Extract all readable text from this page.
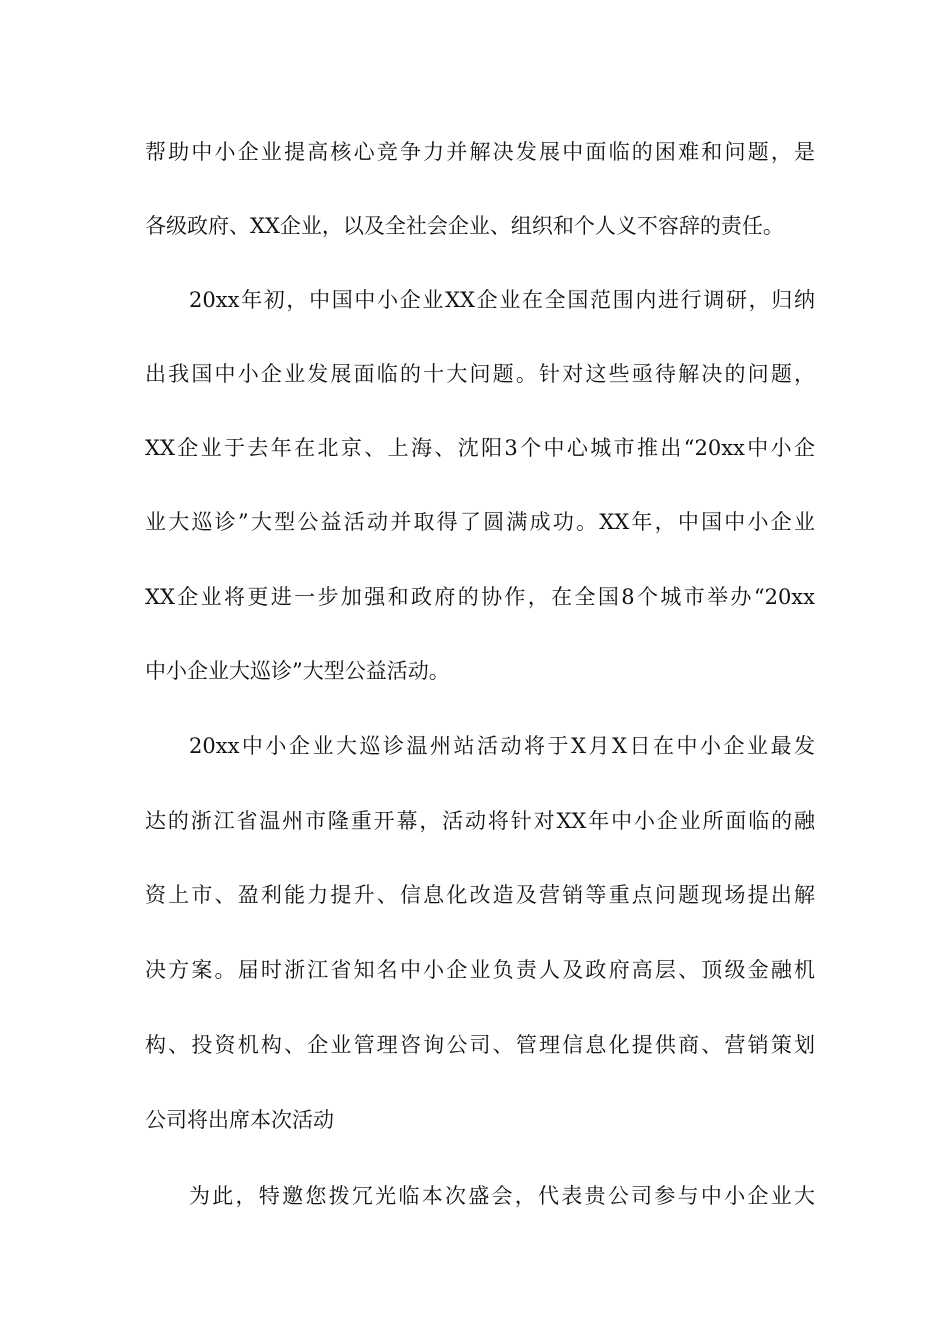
帮助中小企业提高核心竞争力并解决发展中面临的困难和问题，是
各级政府、XX企业，以及全社会企业、组织和个人义不容辞的责任。
20xx年初，中国中小企业XX企业在全国范围内进行调研，归纳
出我国中小企业发展面临的十大问题。针对这些亟待解决的问题，
XX企业于去年在北京、上海、沈阳3个中心城市推出“20xx中小企
业大巡诊”大型公益活动并取得了圆满成功。XX年，中国中小企业
XX企业将更进一步加强和政府的协作，在全国8个城市举办“20xx
中小企业大巡诊”大型公益活动。
20xx中小企业大巡诊温州站活动将于X月X日在中小企业最发
达的浙江省温州市隆重开幕，活动将针对XX年中小企业所面临的融
资上市、盈利能力提升、信息化改造及营销等重点问题现场提出解
决方案。届时浙江省知名中小企业负责人及政府高层、顶级金融机
构、投资机构、企业管理咨询公司、管理信息化提供商、营销策划
公司将出席本次活动
为此，特邀您拨冗光临本次盛会，代表贵公司参与中小企业大
